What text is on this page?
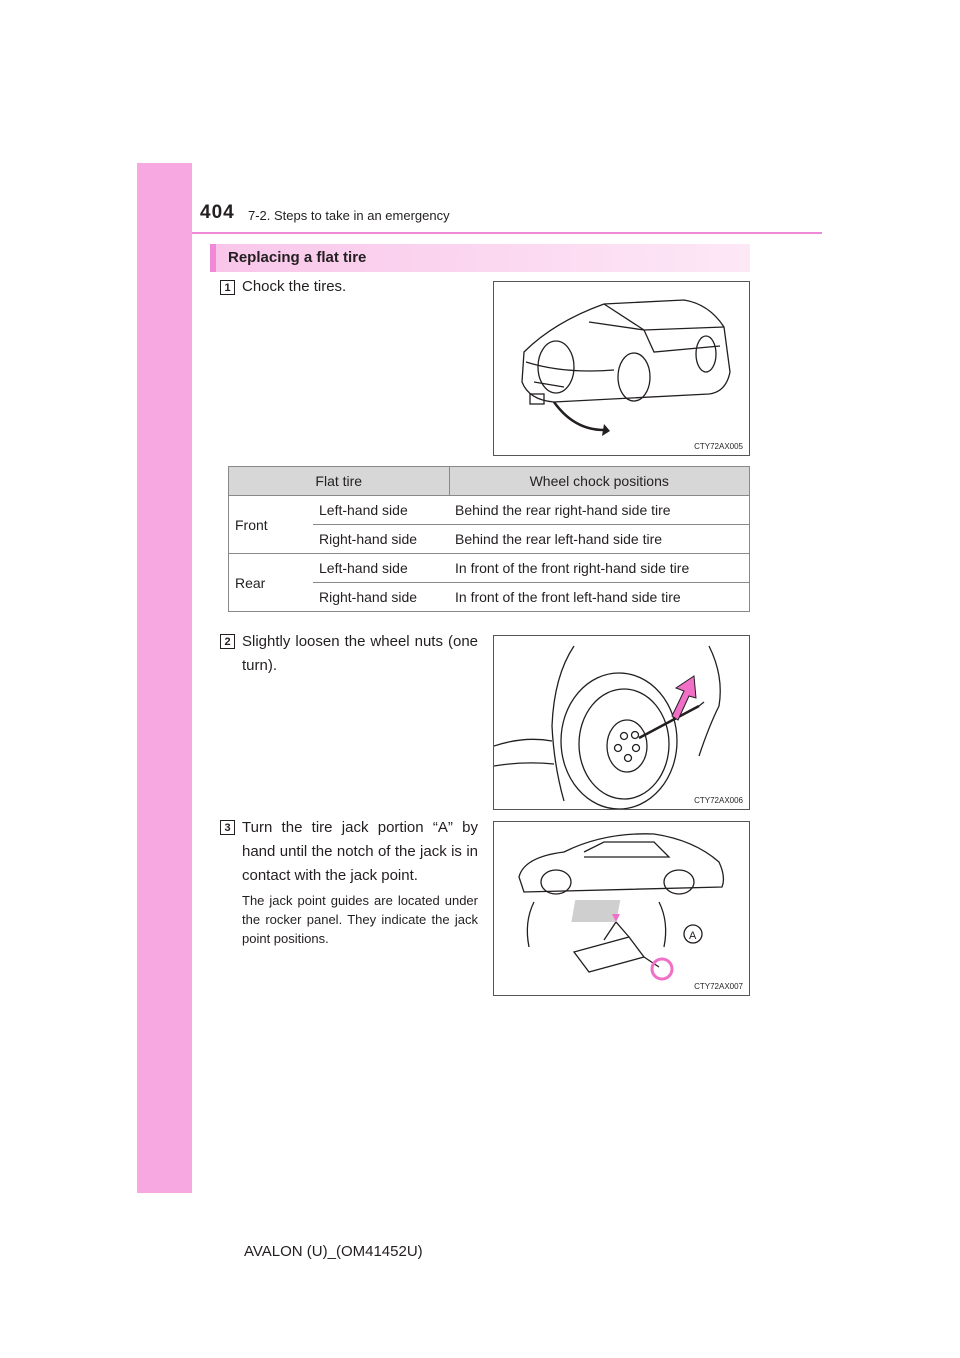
404 7-2. Steps to take in an emergency
Replacing a flat tire
1 Chock the tires.
CTY72AX005
Flat tire		Wheel chock positions
Front	Left-hand side	Behind the rear right-hand side tire
	Right-hand side	Behind the rear left-hand side tire
Rear	Left-hand side	In front of the front right-hand side tire
	Right-hand side	In front of the front left-hand side tire
2 Slightly loosen the wheel nuts (one turn).
CTY72AX006
3 Turn the tire jack portion “A” by hand until the notch of the jack is in contact with the jack point.
The jack point guides are located under the rocker panel. They indicate the jack point positions.	A
CTY72AX007
AVALON (U)_(OM41452U)
